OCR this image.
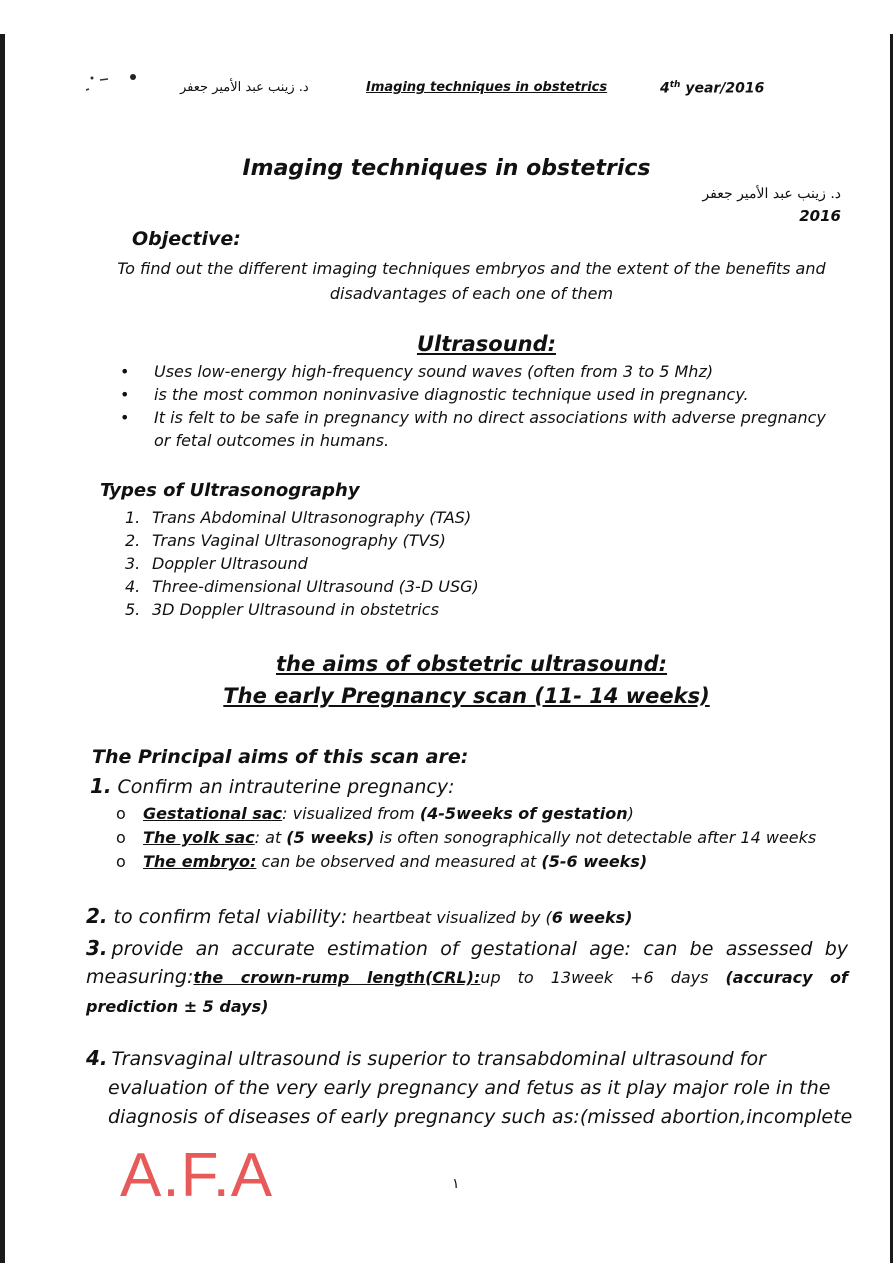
د. زينب عبد الأمير جعفر	Imaging techniques in obstetrics	4th year/2016
Imaging techniques in obstetrics
د. زينب عبد الأمير جعفر
2016
Objective:
To find out the different imaging techniques embryos and the extent of the benefits and disadvantages of each one of them
Ultrasound:
•	Uses low-energy high-frequency sound waves (often from 3 to 5 Mhz)
•	is the most common noninvasive diagnostic technique used in pregnancy.
•	It is felt to be safe in pregnancy with no direct associations with adverse pregnancy or fetal outcomes in humans.
Types of Ultrasonography
1. Trans Abdominal Ultrasonography (TAS)
2. Trans Vaginal Ultrasonography (TVS)
3. Doppler Ultrasound
4. Three-dimensional Ultrasound (3-D USG)
5. 3D Doppler Ultrasound in obstetrics
the aims of obstetric ultrasound:
The early Pregnancy scan (11- 14 weeks)
The Principal aims of this scan are:
1. Confirm an intrauterine pregnancy:
o Gestational sac: visualized from (4-5weeks of gestation)
o The yolk sac: at (5 weeks) is often sonographically not detectable after 14 weeks
o The embryo: can be observed and measured at (5-6 weeks)
2. to confirm fetal viability: heartbeat visualized by (6 weeks)
3. provide an accurate estimation of gestational age: can be assessed by measuring:the crown-rump length(CRL):up to 13week +6 days (accuracy of prediction ± 5 days)
4. Transvaginal ultrasound is superior to transabdominal ultrasound for
evaluation of the very early pregnancy and fetus as it play major role in the
diagnosis of diseases of early pregnancy such as:(missed abortion,incomplete
A.F.A	١
